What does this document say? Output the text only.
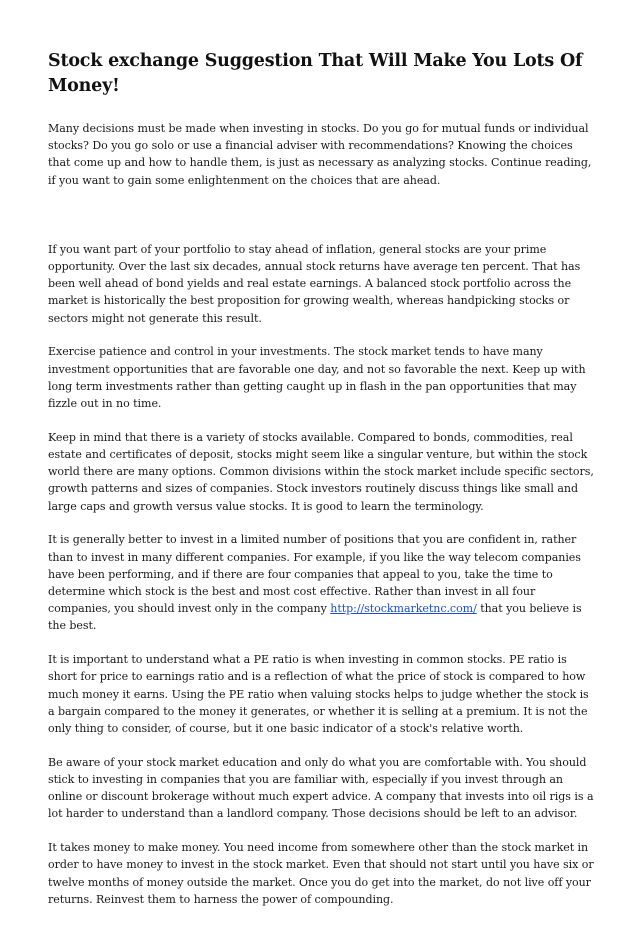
Stock exchange Suggestion That Will Make You Lots Of Money!

Many decisions must be made when investing in stocks. Do you go for mutual funds or individual stocks? Do you go solo or use a financial adviser with recommendations? Knowing the choices that come up and how to handle them, is just as necessary as analyzing stocks. Continue reading, if you want to gain some enlightenment on the choices that are ahead.

If you want part of your portfolio to stay ahead of inflation, general stocks are your prime opportunity. Over the last six decades, annual stock returns have average ten percent. That has been well ahead of bond yields and real estate earnings. A balanced stock portfolio across the market is historically the best proposition for growing wealth, whereas handpicking stocks or sectors might not generate this result.

Exercise patience and control in your investments. The stock market tends to have many investment opportunities that are favorable one day, and not so favorable the next. Keep up with long term investments rather than getting caught up in flash in the pan opportunities that may fizzle out in no time.

Keep in mind that there is a variety of stocks available. Compared to bonds, commodities, real estate and certificates of deposit, stocks might seem like a singular venture, but within the stock world there are many options. Common divisions within the stock market include specific sectors, growth patterns and sizes of companies. Stock investors routinely discuss things like small and large caps and growth versus value stocks. It is good to learn the terminology.

It is generally better to invest in a limited number of positions that you are confident in, rather than to invest in many different companies. For example, if you like the way telecom companies have been performing, and if there are four companies that appeal to you, take the time to determine which stock is the best and most cost effective. Rather than invest in all four companies, you should invest only in the company http://stockmarketnc.com/ that you believe is the best.

It is important to understand what a PE ratio is when investing in common stocks. PE ratio is short for price to earnings ratio and is a reflection of what the price of stock is compared to how much money it earns. Using the PE ratio when valuing stocks helps to judge whether the stock is a bargain compared to the money it generates, or whether it is selling at a premium. It is not the only thing to consider, of course, but it one basic indicator of a stock's relative worth.

Be aware of your stock market education and only do what you are comfortable with. You should stick to investing in companies that you are familiar with, especially if you invest through an online or discount brokerage without much expert advice. A company that invests into oil rigs is a lot harder to understand than a landlord company. Those decisions should be left to an advisor.

It takes money to make money. You need income from somewhere other than the stock market in order to have money to invest in the stock market. Even that should not start until you have six or twelve months of money outside the market. Once you do get into the market, do not live off your returns. Reinvest them to harness the power of compounding.
